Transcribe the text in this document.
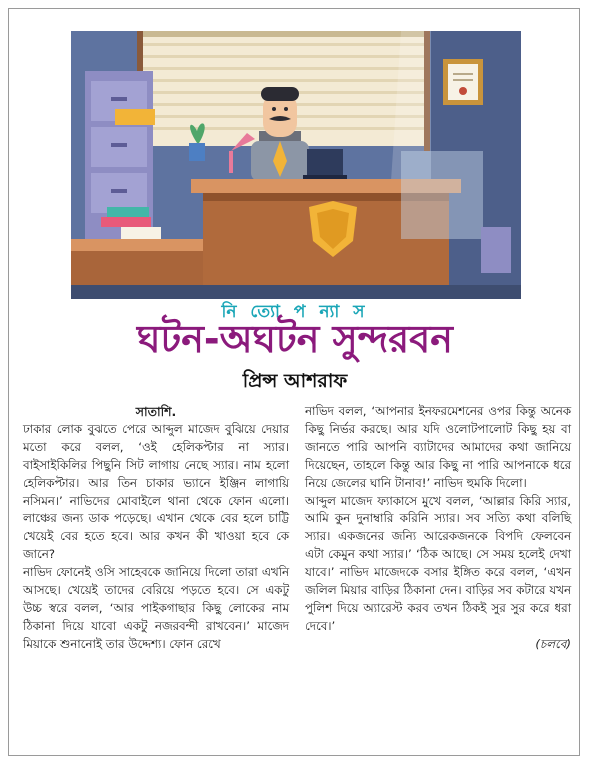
নি ত্যো প ন্যা স
ঘটন-অঘটন সুন্দরবন
প্রিন্স আশরাফ

সাতাশি.

ঢাকার লোক বুঝতে পেরে আব্দুল মাজেদ বুঝিয়ে দেয়ার মতো করে বলল, ‘ওই হেলিকপ্টার না স্যার। বাইসাইকিলির পিছুনি সিট লাগায় নেছে স্যার। নাম হলো হেলিকপ্টার। আর তিন চাকার ভ্যানে ইঞ্জিন লাগায়ি নসিমন।’ নাভিদের মোবাইলে থানা থেকে ফোন এলো। লাঞ্চের জন্য ডাক পড়েছে। এখান থেকে বের হলে চাট্টি খেয়েই বের হতে হবে। আর কখন কী খাওয়া হবে কে জানে?

নাভিদ ফোনেই ওসি সাহেবকে জানিয়ে দিলো তারা এখনি আসছে। খেয়েই তাদের বেরিয়ে পড়তে হবে। সে একটু উচ্চ স্বরে বলল, ‘আর পাইকগাছার কিছু লোকের নাম ঠিকানা দিয়ে যাবো একটু নজরবন্দী রাখবেন।’ মাজেদ মিয়াকে শুনানোই তার উদ্দেশ্য। ফোন রেখে

নাভিদ বলল, ‘আপনার ইনফরমেশনের ওপর কিন্তু অনেক কিছু নির্ভর করছে। আর যদি ওলোটপালোট কিছু হয় বা জানতে পারি আপনি ব্যাটাদের আমাদের কথা জানিয়ে দিয়েছেন, তাহলে কিন্তু আর কিছু না পারি আপনাকে ধরে নিয়ে জেলের ঘানি টানাব!’ নাভিদ হুমকি দিলো।

আব্দুল মাজেদ ফ্যাকাসে মুখে বলল, ‘আল্লার কিরি স্যার, আমি কুন দুনাম্বারি করিনি স্যার। সব সত্যি কথা বলিছি স্যার। একজনের জন্যি আরেকজনকে বিপদি ফেলবেন এটা কেমুন কথা স্যার।’ ‘ঠিক আছে। সে সময় হলেই দেখা যাবে।’ নাভিদ মাজেদকে বসার ইঙ্গিত করে বলল, ‘এখন জলিল মিয়ার বাড়ির ঠিকানা দেন। বাড়ির সব কটারে যখন পুলিশ দিয়ে অ্যারেস্ট করব তখন ঠিকই সুর সুর করে ধরা দেবে।’

(চলবে)
